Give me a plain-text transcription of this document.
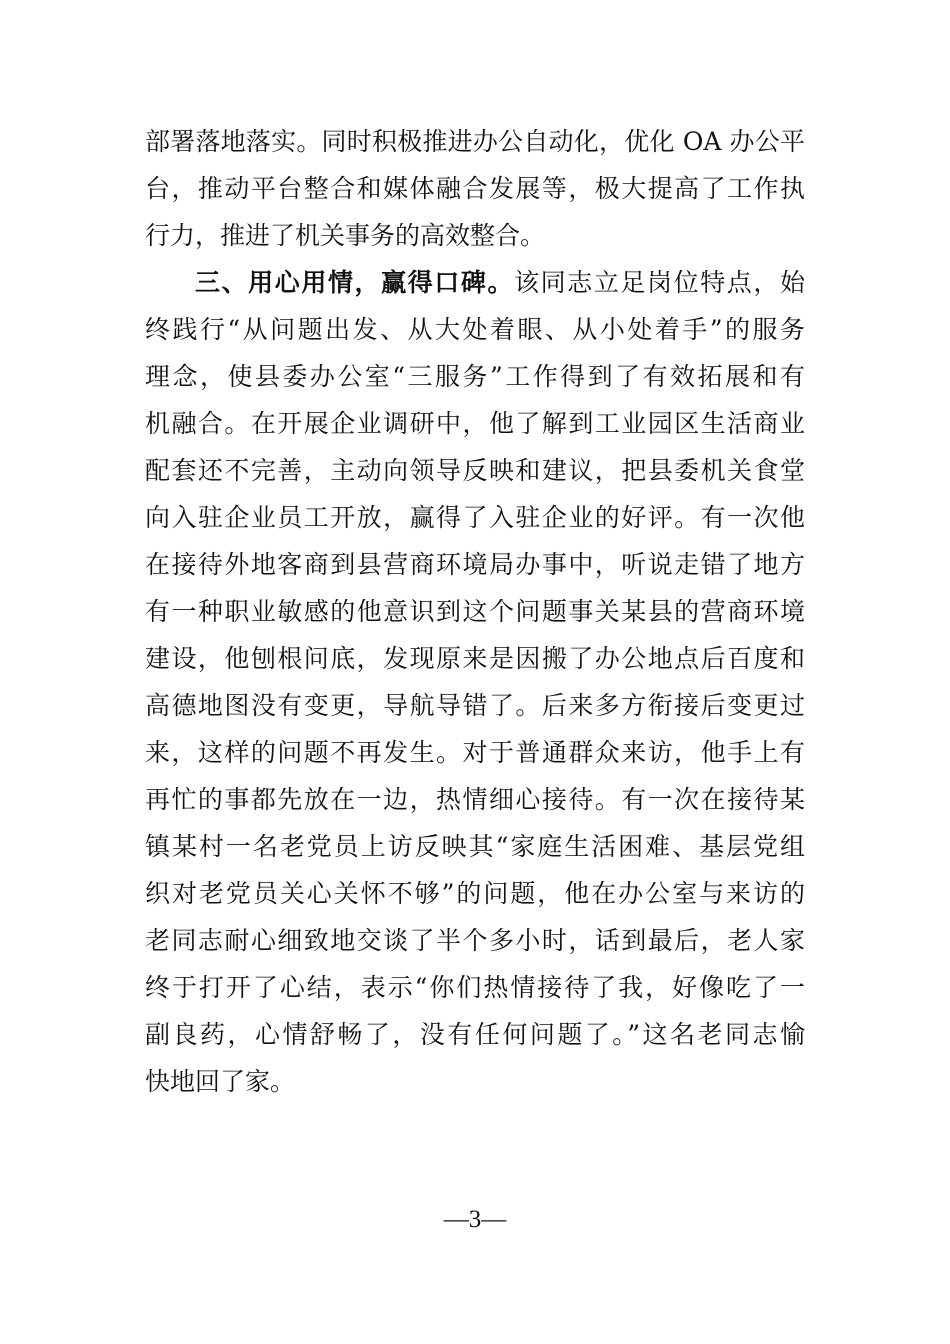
部署落地落实。同时积极推进办公自动化，优化 OA 办公平
台，推动平台整合和媒体融合发展等，极大提高了工作执
行力，推进了机关事务的高效整合。
三、用心用情，赢得口碑。该同志立足岗位特点，始
终践行“从问题出发、从大处着眼、从小处着手”的服务
理念，使县委办公室“三服务”工作得到了有效拓展和有
机融合。在开展企业调研中，他了解到工业园区生活商业
配套还不完善，主动向领导反映和建议，把县委机关食堂
向入驻企业员工开放，赢得了入驻企业的好评。有一次他
在接待外地客商到县营商环境局办事中，听说走错了地方
有一种职业敏感的他意识到这个问题事关某县的营商环境
建设，他刨根问底，发现原来是因搬了办公地点后百度和
高德地图没有变更，导航导错了。后来多方衔接后变更过
来，这样的问题不再发生。对于普通群众来访，他手上有
再忙的事都先放在一边，热情细心接待。有一次在接待某
镇某村一名老党员上访反映其“家庭生活困难、基层党组
织对老党员关心关怀不够”的问题，他在办公室与来访的
老同志耐心细致地交谈了半个多小时，话到最后，老人家
终于打开了心结，表示“你们热情接待了我，好像吃了一
副良药，心情舒畅了，没有任何问题了。”这名老同志愉
快地回了家。
—3—
